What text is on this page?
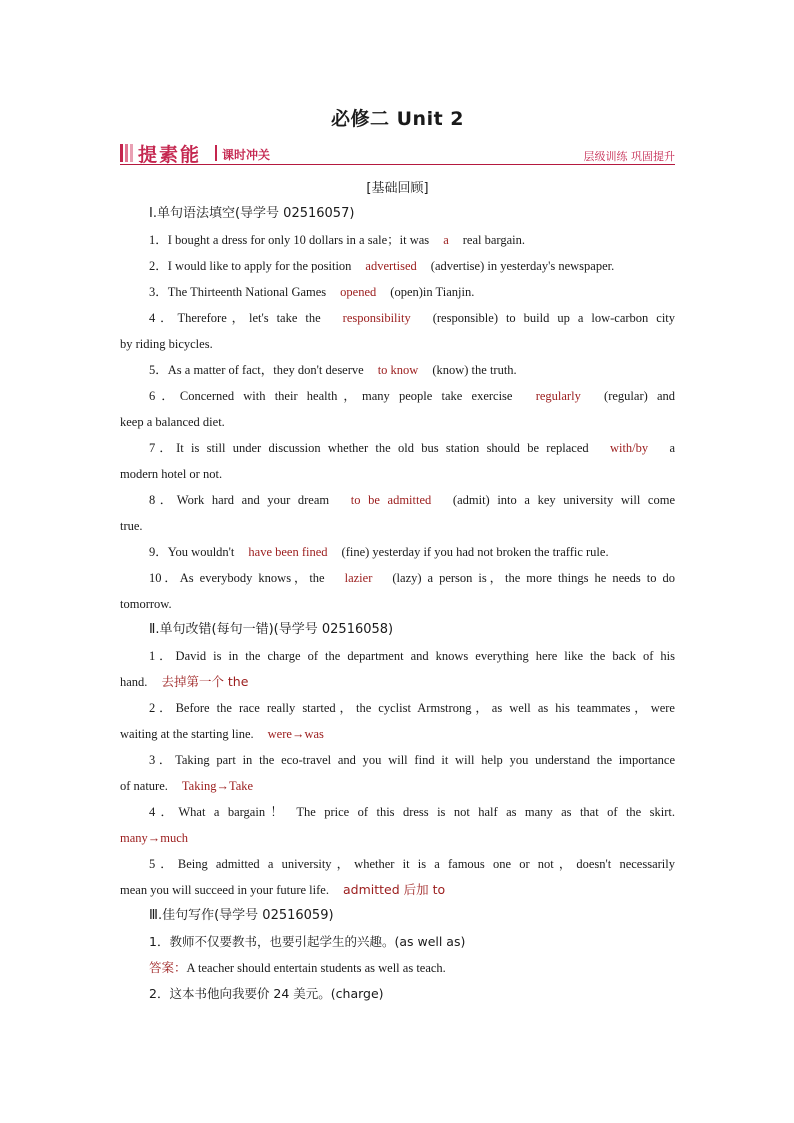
必修二 Unit 2
提素能 课时冲关	层级训练 巩固提升
[基础回顾]
Ⅰ.单句语法填空(导学号 02516057)
1．I bought a dress for only 10 dollars in a sale；it was a real bargain.
2．I would like to apply for the position advertised (advertise) in yesterday's newspaper.
3．The Thirteenth National Games opened (open)in Tianjin.
4．Therefore，let's take the responsibility (responsible) to build up a low-carbon city
by riding bicycles.
5．As a matter of fact，they don't deserve to know (know) the truth.
6．Concerned with their health，many people take exercise regularly (regular) and
keep a balanced diet.
7．It is still under discussion whether the old bus station should be replaced with/by a
modern hotel or not.
8．Work hard and your dream to be admitted (admit) into a key university will come
true.
9．You wouldn't have been fined (fine) yesterday if you had not broken the traffic rule.
10．As everybody knows，the lazier (lazy) a person is，the more things he needs to do
tomorrow.
Ⅱ.单句改错(每句一错)(导学号 02516058)
1．David is in the charge of the department and knows everything here like the back of his
hand. 去掉第一个 the
2．Before the race really started，the cyclist Armstrong，as well as his teammates，were
waiting at the starting line. were→was
3．Taking part in the eco-travel and you will find it will help you understand the importance
of nature. Taking→Take
4．What a bargain！ The price of this dress is not half as many as that of the skirt.
many→much
5．Being admitted a university，whether it is a famous one or not，doesn't necessarily
mean you will succeed in your future life. admitted 后加 to
Ⅲ.佳句写作(导学号 02516059)
1．教师不仅要教书，也要引起学生的兴趣。(as well as)
答案：A teacher should entertain students as well as teach.
2．这本书他向我要价 24 美元。(charge)
